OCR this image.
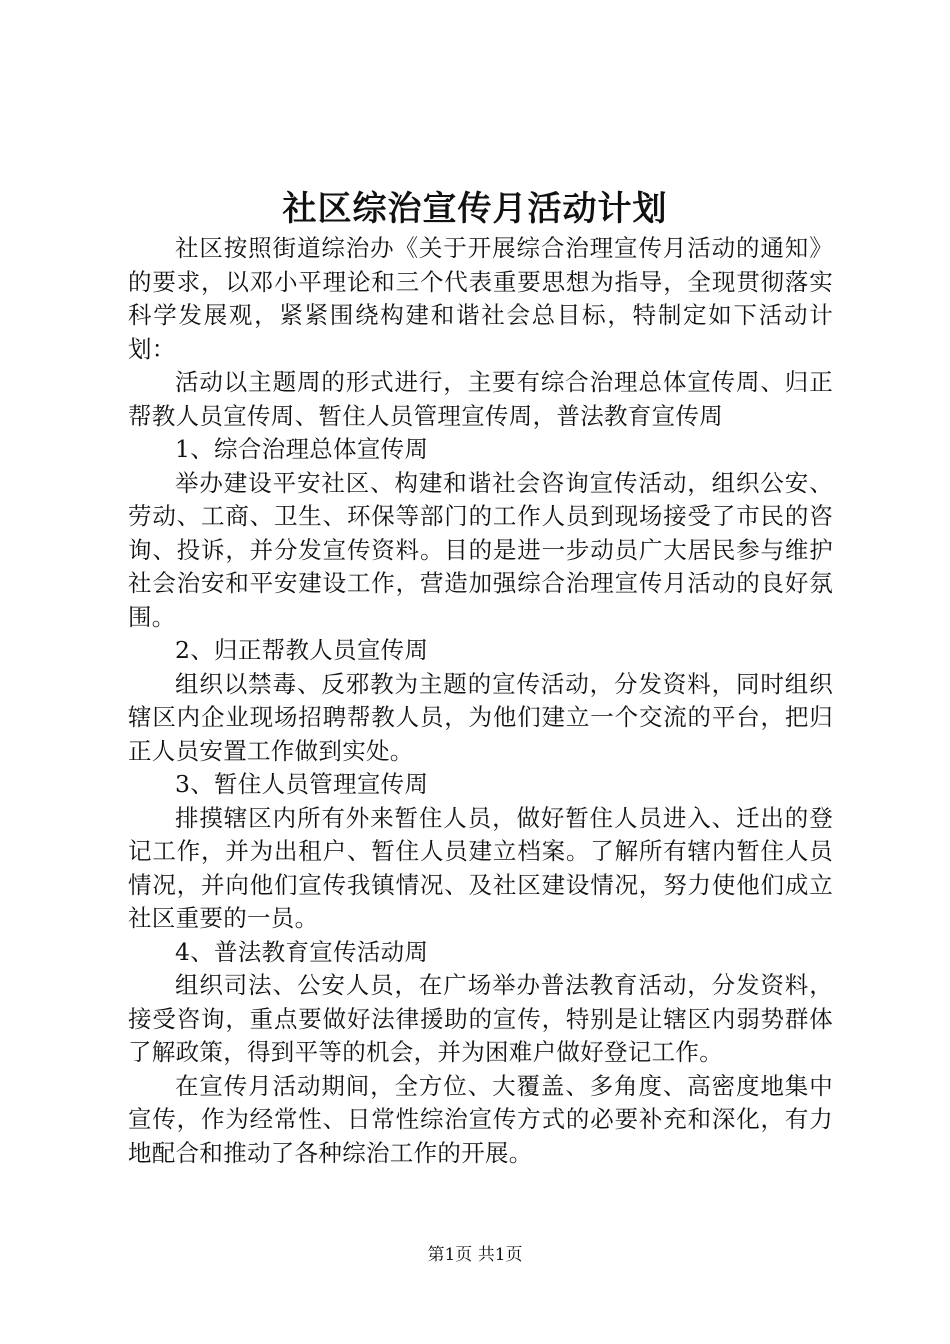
社区综治宣传月活动计划

社区按照街道综治办《关于开展综合治理宣传月活动的通知》的要求，以邓小平理论和三个代表重要思想为指导，全现贯彻落实科学发展观，紧紧围绕构建和谐社会总目标，特制定如下活动计划：

活动以主题周的形式进行，主要有综合治理总体宣传周、归正帮教人员宣传周、暂住人员管理宣传周，普法教育宣传周

1、综合治理总体宣传周

举办建设平安社区、构建和谐社会咨询宣传活动，组织公安、劳动、工商、卫生、环保等部门的工作人员到现场接受了市民的咨询、投诉，并分发宣传资料。目的是进一步动员广大居民参与维护社会治安和平安建设工作，营造加强综合治理宣传月活动的良好氛围。

2、归正帮教人员宣传周

组织以禁毒、反邪教为主题的宣传活动，分发资料，同时组织辖区内企业现场招聘帮教人员，为他们建立一个交流的平台，把归正人员安置工作做到实处。

3、暂住人员管理宣传周

排摸辖区内所有外来暂住人员，做好暂住人员进入、迁出的登记工作，并为出租户、暂住人员建立档案。了解所有辖内暂住人员情况，并向他们宣传我镇情况、及社区建设情况，努力使他们成立社区重要的一员。

4、普法教育宣传活动周

组织司法、公安人员，在广场举办普法教育活动，分发资料，接受咨询，重点要做好法律援助的宣传，特别是让辖区内弱势群体了解政策，得到平等的机会，并为困难户做好登记工作。

在宣传月活动期间，全方位、大覆盖、多角度、高密度地集中宣传，作为经常性、日常性综治宣传方式的必要补充和深化，有力地配合和推动了各种综治工作的开展。

第1页 共1页
